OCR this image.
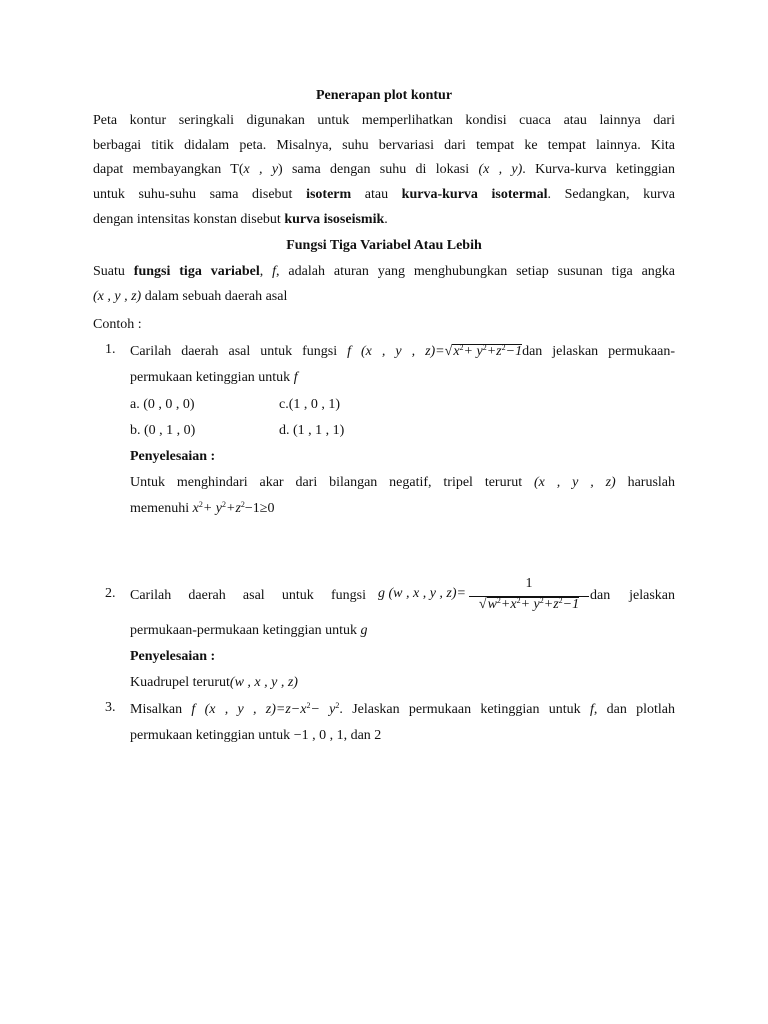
Penerapan plot kontur
Peta kontur seringkali digunakan untuk memperlihatkan kondisi cuaca atau lainnya dari
berbagai titik didalam peta. Misalnya, suhu bervariasi dari tempat ke tempat lainnya. Kita
dapat membayangkan T(x , y) sama dengan suhu di lokasi (x , y). Kurva-kurva ketinggian
untuk suhu-suhu sama disebut isoterm atau kurva-kurva isotermal. Sedangkan, kurva
dengan intensitas konstan disebut kurva isoseismik.
Fungsi Tiga Variabel Atau Lebih
Suatu fungsi tiga variabel, f, adalah aturan yang menghubungkan setiap susunan tiga angka
(x , y , z) dalam sebuah daerah asal
Contoh :
1. Carilah daerah asal untuk fungsi f (x , y , $z)=√x^2+ y^2+z^2-1dan$ jelaskan permukaan-
permukaan ketinggian untuk f
a. (0 , 0 , 0)	c.(1 , 0 , 1)
b. (0 , 1 , 0)	d. (1 , 1 , 1)
Penyelesaian :
Untuk menghindari akar dari bilangan negatif, tripel terurut (x , y , z) haruslah
memenuhi $x^2+ y^2+z^2-1\ge 0$
2. Carilah daerah asal untuk fungsi g (w , x , y , z)=
1
$√w^2+x^2+ y^2+z^2-1$
dan jelaskan
permukaan-permukaan ketinggian untuk g
Penyelesaian :
Kuadrupel terurut(w , x , y , z)
3. Misalkan f (x , y , $z)=z-x^2- y^2$. Jelaskan permukaan ketinggian untuk f, dan plotlah
permukaan ketinggian untuk −1 , 0 , 1, dan 2
